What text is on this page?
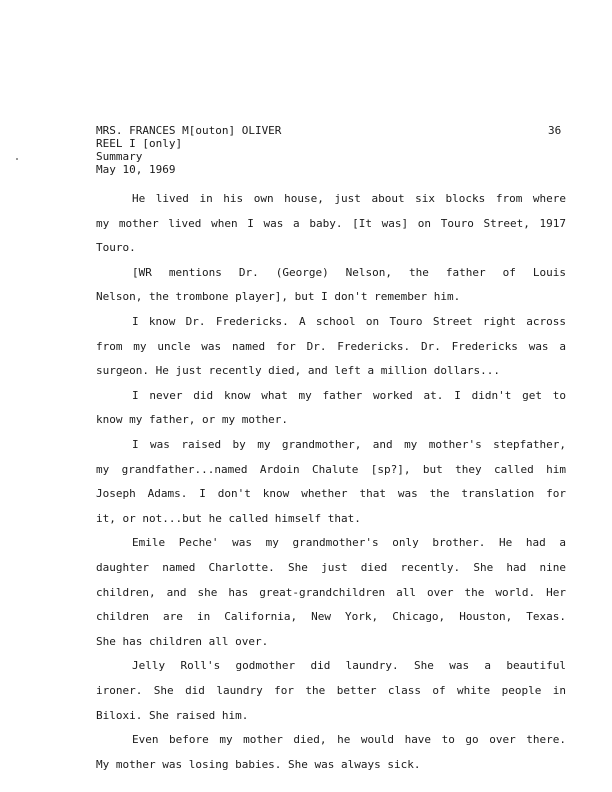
MRS. FRANCES M[outon] OLIVER
REEL I [only]
Summary
May 10, 1969
36
He lived in his own house, just about six blocks from where
my mother lived when I was a baby. [It was] on Touro Street, 1917
Touro.
[WR mentions Dr. (George) Nelson, the father of Louis
Nelson, the trombone player], but I don't remember him.
I know Dr. Fredericks. A school on Touro Street right across
from my uncle was named for Dr. Fredericks. Dr. Fredericks was a
surgeon. He just recently died, and left a million dollars...
I never did know what my father worked at. I didn't get to
know my father, or my mother.
I was raised by my grandmother, and my mother's stepfather,
my grandfather...named Ardoin Chalute [sp?], but they called him
Joseph Adams. I don't know whether that was the translation for
it, or not...but he called himself that.
Emile Peche' was my grandmother's only brother. He had a
daughter named Charlotte. She just died recently. She had nine
children, and she has great-grandchildren all over the world. Her
children are in California, New York, Chicago, Houston, Texas.
She has children all over.
Jelly Roll's godmother did laundry. She was a beautiful
ironer. She did laundry for the better class of white people in
Biloxi. She raised him.
Even before my mother died, he would have to go over there.
My mother was losing babies. She was always sick.
